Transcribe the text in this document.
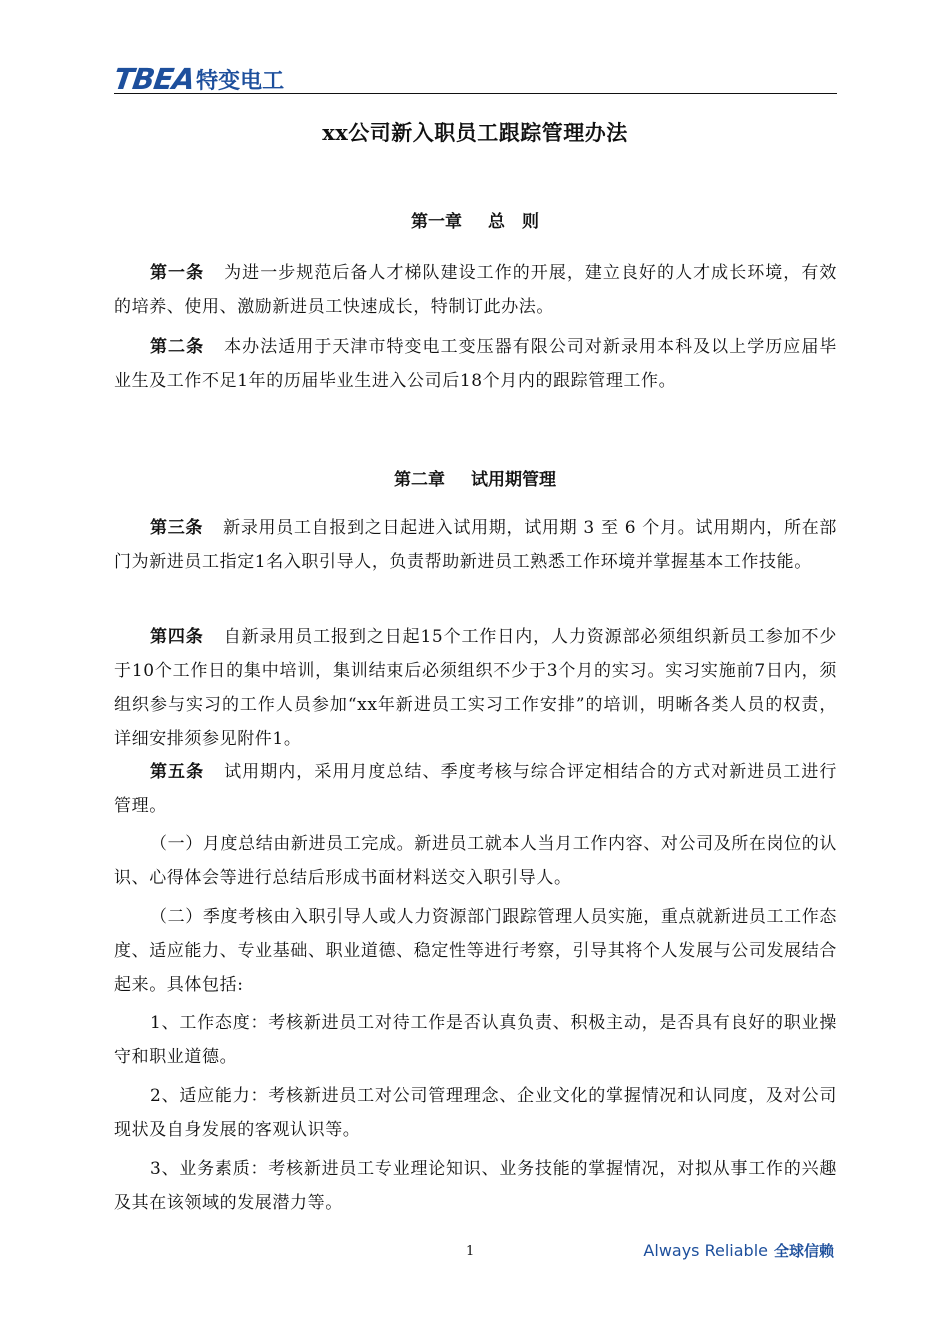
TBEA 特变电工
xx公司新入职员工跟踪管理办法
第一章 总　则
第一条 为进一步规范后备人才梯队建设工作的开展，建立良好的人才成长环境，有效的培养、使用、激励新进员工快速成长，特制订此办法。
第二条 本办法适用于天津市特变电工变压器有限公司对新录用本科及以上学历应届毕业生及工作不足1年的历届毕业生进入公司后18个月内的跟踪管理工作。
第二章 试用期管理
第三条 新录用员工自报到之日起进入试用期，试用期 3 至 6 个月。试用期内，所在部门为新进员工指定1名入职引导人，负责帮助新进员工熟悉工作环境并掌握基本工作技能。
第四条 自新录用员工报到之日起15个工作日内，人力资源部必须组织新员工参加不少于10个工作日的集中培训，集训结束后必须组织不少于3个月的实习。实习实施前7日内，须组织参与实习的工作人员参加“xx年新进员工实习工作安排”的培训，明晰各类人员的权责，详细安排须参见附件1。
第五条 试用期内，采用月度总结、季度考核与综合评定相结合的方式对新进员工进行管理。
（一）月度总结由新进员工完成。新进员工就本人当月工作内容、对公司及所在岗位的认识、心得体会等进行总结后形成书面材料送交入职引导人。
（二）季度考核由入职引导人或人力资源部门跟踪管理人员实施，重点就新进员工工作态度、适应能力、专业基础、职业道德、稳定性等进行考察，引导其将个人发展与公司发展结合起来。具体包括:
1、工作态度：考核新进员工对待工作是否认真负责、积极主动，是否具有良好的职业操守和职业道德。
2、适应能力：考核新进员工对公司管理理念、企业文化的掌握情况和认同度，及对公司现状及自身发展的客观认识等。
3、业务素质：考核新进员工专业理论知识、业务技能的掌握情况，对拟从事工作的兴趣及其在该领域的发展潜力等。
1	Always Reliable 全球信赖
